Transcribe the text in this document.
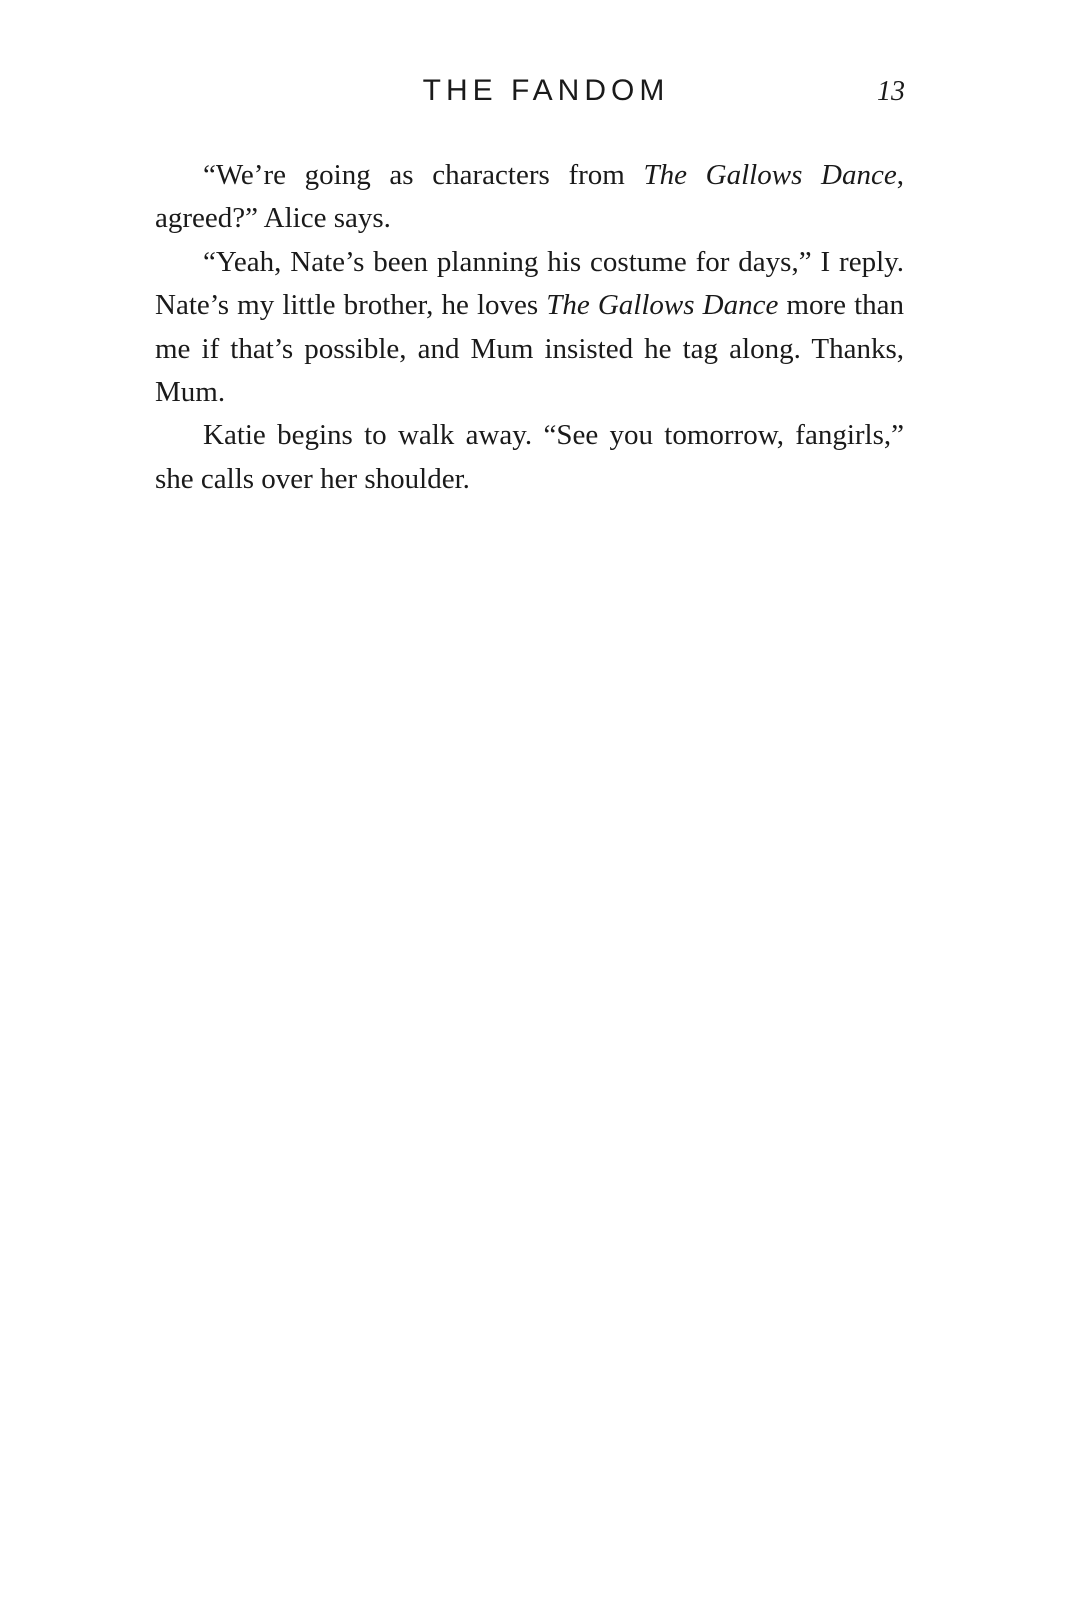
THE FANDOM	13

“We’re going as characters from The Gallows Dance, agreed?” Alice says.

“Yeah, Nate’s been planning his costume for days,” I reply. Nate’s my little brother, he loves The Gallows Dance more than me if that’s possible, and Mum insisted he tag along. Thanks, Mum.

Katie begins to walk away. “See you tomorrow, fangirls,” she calls over her shoulder.
